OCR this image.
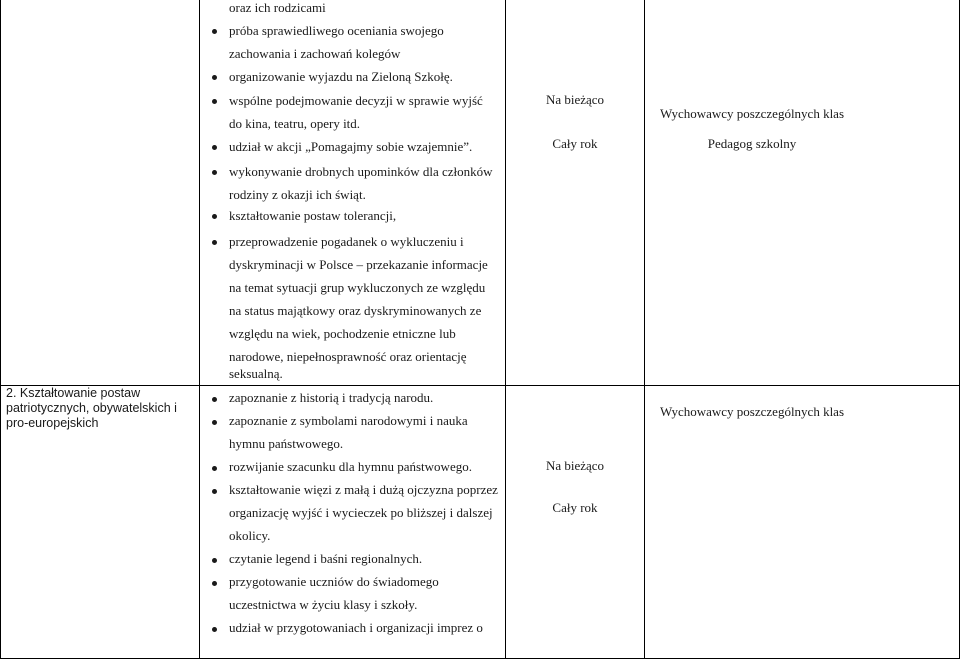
2. Kształtowanie postaw patriotycznych, obywatelskich i pro-europejskich
oraz ich rodzicami
próba sprawiedliwego oceniania swojego
zachowania i zachowań kolegów
organizowanie wyjazdu na Zieloną Szkołę.
wspólne podejmowanie decyzji w sprawie wyjść
do kina, teatru, opery itd.
udział w akcji „Pomagajmy sobie wzajemnie”.
wykonywanie drobnych upominków dla członków
rodziny z okazji ich świąt.
kształtowanie postaw tolerancji,
przeprowadzenie pogadanek o wykluczeniu i
dyskryminacji w Polsce – przekazanie informacje
na temat sytuacji grup wykluczonych ze względu
na status majątkowy oraz dyskryminowanych ze
względu na wiek, pochodzenie etniczne lub
narodowe, niepełnosprawność oraz orientację
seksualną.
Na bieżąco
Cały rok
Wychowawcy poszczególnych klas
Pedagog szkolny
zapoznanie z historią i tradycją narodu.
zapoznanie z symbolami narodowymi i nauka
hymnu państwowego.
rozwijanie szacunku dla hymnu państwowego.
kształtowanie więzi z małą i dużą ojczyzna poprzez
organizację wyjść i wycieczek po bliższej i dalszej
okolicy.
czytanie legend i baśni regionalnych.
przygotowanie uczniów do świadomego
uczestnictwa w życiu klasy i szkoły.
udział w przygotowaniach i organizacji imprez o
Na bieżąco
Cały rok
Wychowawcy poszczególnych klas
